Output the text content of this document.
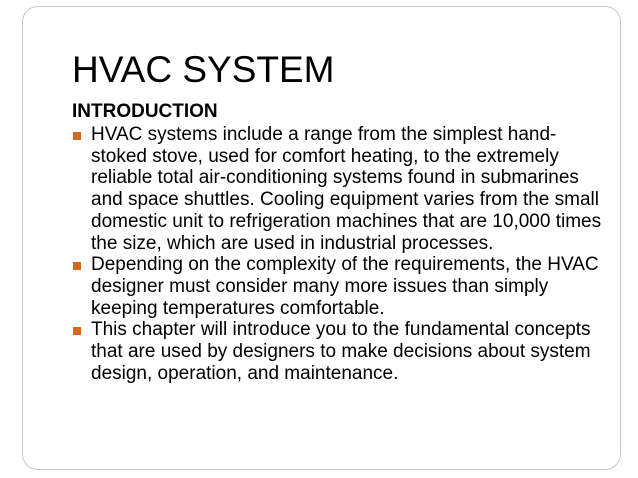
HVAC SYSTEM
INTRODUCTION
HVAC systems include a range from the simplest hand-stoked stove, used for comfort heating, to the extremely reliable total air-conditioning systems found in submarines and space shuttles. Cooling equipment varies from the small domestic unit to refrigeration machines that are 10,000 times the size, which are used in industrial processes.
Depending on the complexity of the requirements, the HVAC designer must consider many more issues than simply keeping temperatures comfortable.
This chapter will introduce you to the fundamental concepts that are used by designers to make decisions about system design, operation, and maintenance.
